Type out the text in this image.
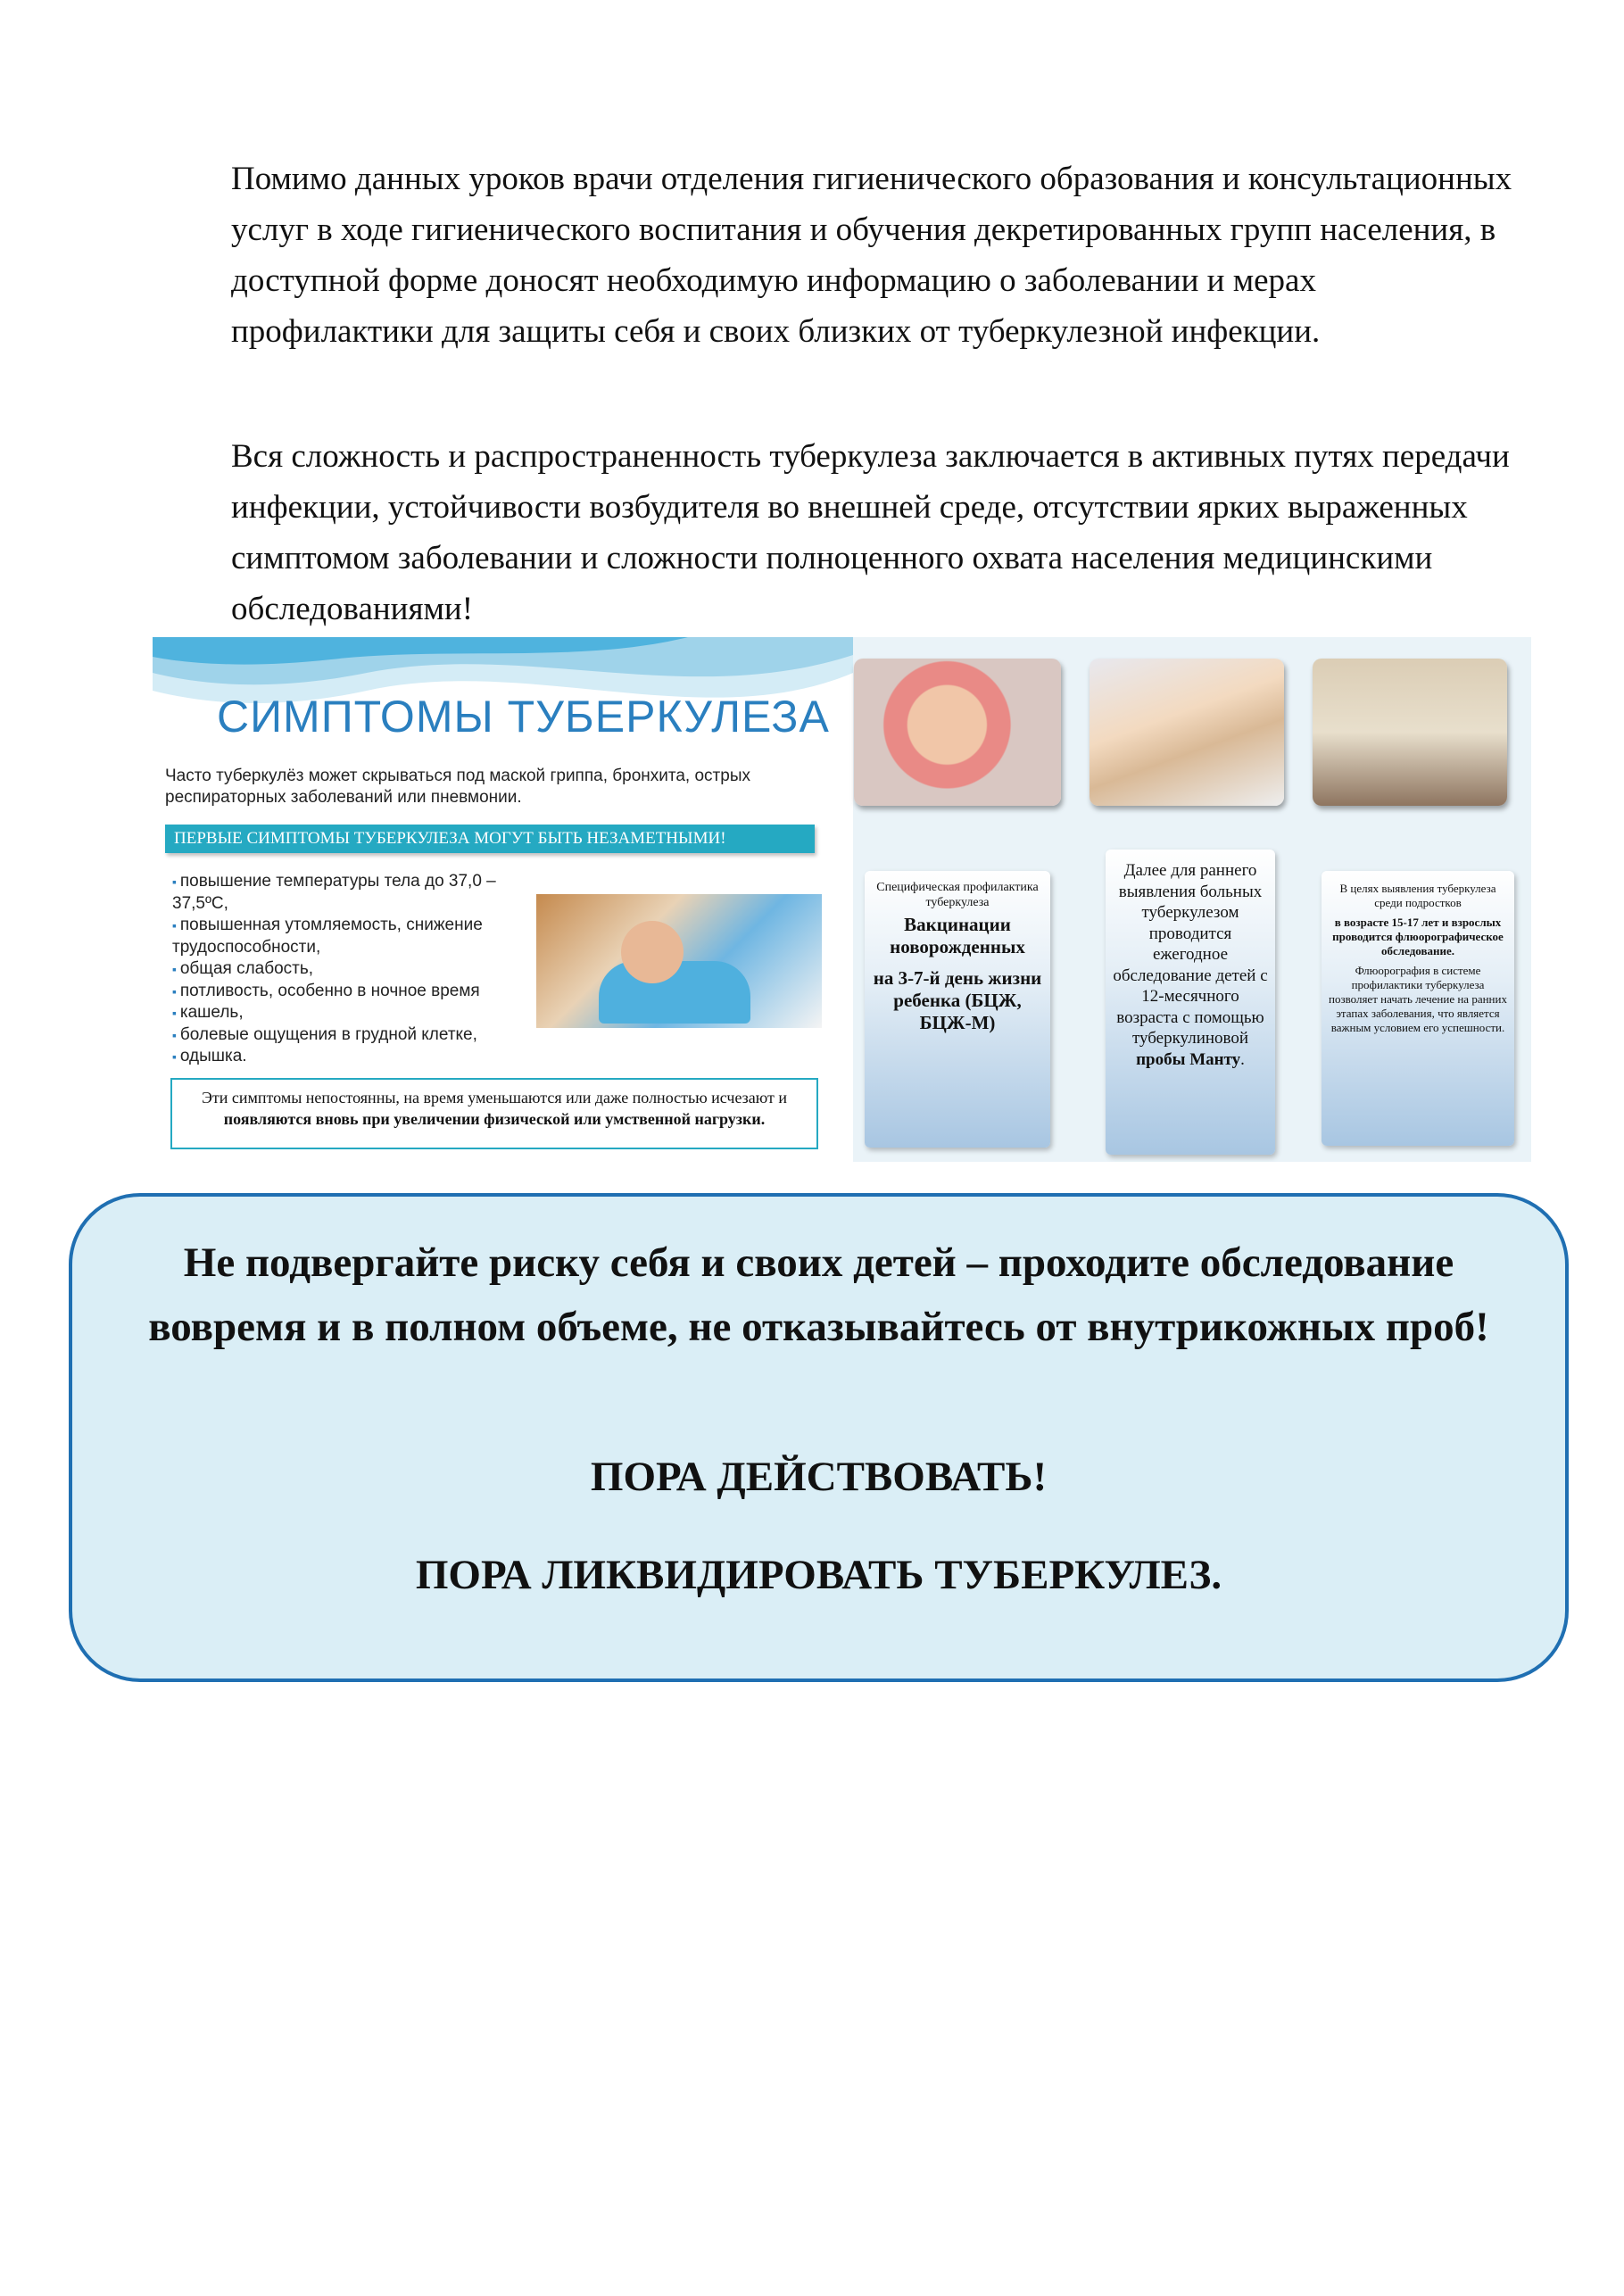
Помимо данных уроков врачи отделения гигиенического образования и консультационных услуг в ходе гигиенического воспитания и обучения декретированных групп населения, в доступной форме доносят необходимую информацию о заболевании и мерах профилактики для защиты себя и своих близких от туберкулезной инфекции.

Вся сложность и распространенность туберкулеза заключается в активных путях передачи инфекции, устойчивости возбудителя во внешней среде, отсутствии ярких выраженных симптомом заболевании и сложности полноценного охвата населения медицинскими обследованиями!

СИМПТОМЫ ТУБЕРКУЛЕЗА

Часто туберкулёз может скрываться под маской гриппа, бронхита, острых респираторных заболеваний или пневмонии.

ПЕРВЫЕ СИМПТОМЫ ТУБЕРКУЛЕЗА МОГУТ БЫТЬ НЕЗАМЕТНЫМИ!
▪ повышение температуры тела до 37,0 – 37,5ºС,
▪ повышенная утомляемость, снижение трудоспособности,
▪ общая слабость,
▪ потливость, особенно в ночное время
▪ кашель,
▪ болевые ощущения в грудной клетке,
▪ одышка.
Эти симптомы непостоянны, на время уменьшаются или даже полностью исчезают и появляются вновь при увеличении физической или умственной нагрузки.

Специфическая профилактика туберкулеза

Вакцинации новорожденных

на 3-7-й день жизни ребенка (БЦЖ, БЦЖ-М)

Далее для раннего выявления больных туберкулезом проводится ежегодное обследование детей с 12-месячного возраста с помощью туберкулиновой пробы Манту.
В целях выявления туберкулеза среди подростков
в возрасте 15-17 лет и взрослых проводится флюорографическое обследование.
Флюорография в системе профилактики туберкулеза позволяет начать лечение на ранних этапах заболевания, что является важным условием его успешности.

Не подвергайте риску себя и своих детей – проходите обследование вовремя и в полном объеме, не отказывайтесь от внутрикожных проб!

ПОРА ДЕЙСТВОВАТЬ!

ПОРА ЛИКВИДИРОВАТЬ ТУБЕРКУЛЕЗ.
